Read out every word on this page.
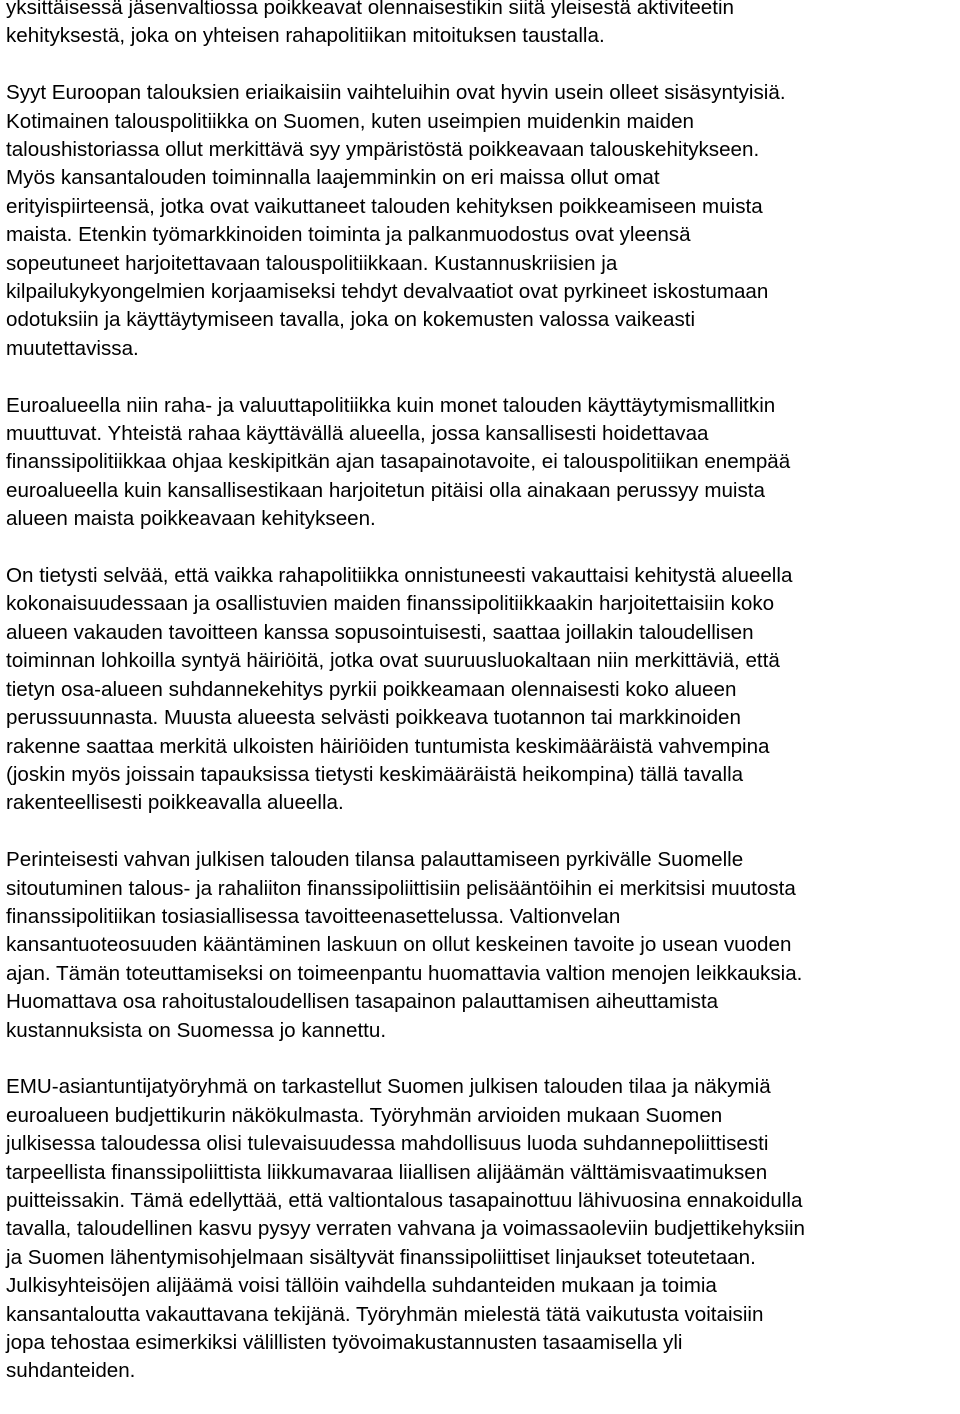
yksittäisessä jäsenvaltiossa poikkeavat olennaisestikin siitä yleisestä aktiviteetin
kehityksestä, joka on yhteisen rahapolitiikan mitoituksen taustalla.

Syyt Euroopan talouksien eriaikaisiin vaihteluihin ovat hyvin usein olleet sisäsyntyisiä.
Kotimainen talouspolitiikka on Suomen, kuten useimpien muidenkin maiden
taloushistoriassa ollut merkittävä syy ympäristöstä poikkeavaan talouskehitykseen.
Myös kansantalouden toiminnalla laajemminkin on eri maissa ollut omat
erityispiirteensä, jotka ovat vaikuttaneet talouden kehityksen poikkeamiseen muista
maista. Etenkin työmarkkinoiden toiminta ja palkanmuodostus ovat yleensä
sopeutuneet harjoitettavaan talouspolitiikkaan. Kustannuskriisien ja
kilpailukykyongelmien korjaamiseksi tehdyt devalvaatiot ovat pyrkineet iskostumaan
odotuksiin ja käyttäytymiseen tavalla, joka on kokemusten valossa vaikeasti
muutettavissa.

Euroalueella niin raha- ja valuuttapolitiikka kuin monet talouden käyttäytymismallitkin
muuttuvat. Yhteistä rahaa käyttävällä alueella, jossa kansallisesti hoidettavaa
finanssipolitiikkaa ohjaa keskipitkän ajan tasapainotavoite, ei talouspolitiikan enempää
euroalueella kuin kansallisestikaan harjoitetun pitäisi olla ainakaan perussyy muista
alueen maista poikkeavaan kehitykseen.

On tietysti selvää, että vaikka rahapolitiikka onnistuneesti vakauttaisi kehitystä alueella
kokonaisuudessaan ja osallistuvien maiden finanssipolitiikkaakin harjoitettaisiin koko
alueen vakauden tavoitteen kanssa sopusointuisesti, saattaa joillakin taloudellisen
toiminnan lohkoilla syntyä häiriöitä, jotka ovat suuruusluokaltaan niin merkittäviä, että
tietyn osa-alueen suhdannekehitys pyrkii poikkeamaan olennaisesti koko alueen
perussuunnasta. Muusta alueesta selvästi poikkeava tuotannon tai markkinoiden
rakenne saattaa merkitä ulkoisten häiriöiden tuntumista keskimääräistä vahvempina
(joskin myös joissain tapauksissa tietysti keskimääräistä heikompina) tällä tavalla
rakenteellisesti poikkeavalla alueella.

Perinteisesti vahvan julkisen talouden tilansa palauttamiseen pyrkivälle Suomelle
sitoutuminen talous- ja rahaliiton finanssipoliittisiin pelisääntöihin ei merkitsisi muutosta
finanssipolitiikan tosiasiallisessa tavoitteenasettelussa. Valtionvelan
kansantuoteosuuden kääntäminen laskuun on ollut keskeinen tavoite jo usean vuoden
ajan. Tämän toteuttamiseksi on toimeenpantu huomattavia valtion menojen leikkauksia.
Huomattava osa rahoitustaloudellisen tasapainon palauttamisen aiheuttamista
kustannuksista on Suomessa jo kannettu.

EMU-asiantuntijatyöryhmä on tarkastellut Suomen julkisen talouden tilaa ja näkymiä
euroalueen budjettikurin näkökulmasta. Työryhmän arvioiden mukaan Suomen
julkisessa taloudessa olisi tulevaisuudessa mahdollisuus luoda suhdannepoliittisesti
tarpeellista finanssipoliittista liikkumavaraa liiallisen alijäämän välttämisvaatimuksen
puitteissakin. Tämä edellyttää, että valtiontalous tasapainottuu lähivuosina ennakoidulla
tavalla, taloudellinen kasvu pysyy verraten vahvana ja voimassaoleviin budjettikehyksiin
ja Suomen lähentymisohjelmaan sisältyvät finanssipoliittiset linjaukset toteutetaan.
Julkisyhteisöjen alijäämä voisi tällöin vaihdella suhdanteiden mukaan ja toimia
kansantaloutta vakauttavana tekijänä. Työryhmän mielestä tätä vaikutusta voitaisiin
jopa tehostaa esimerkiksi välillisten työvoimakustannusten tasaamisella yli
suhdanteiden.
